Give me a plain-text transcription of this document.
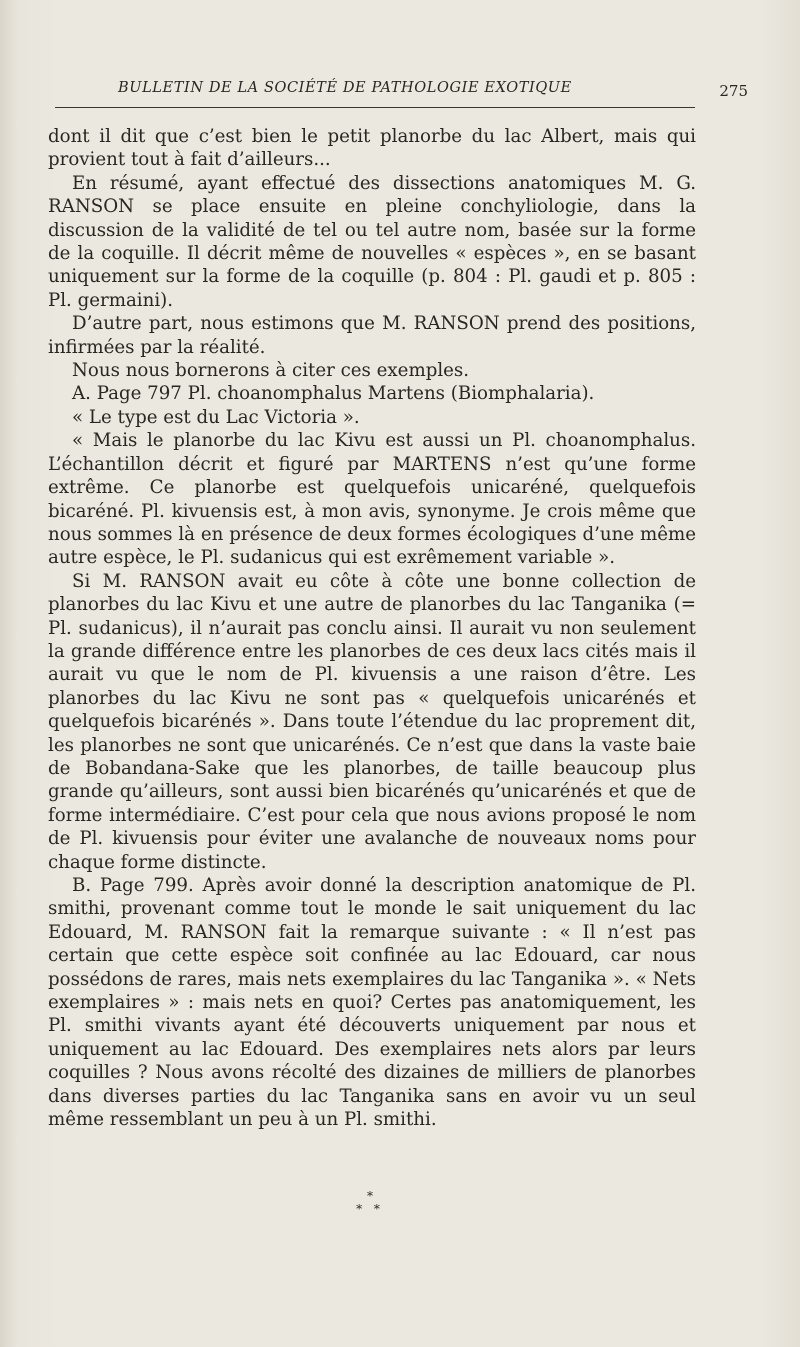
BULLETIN DE LA SOCIÉTÉ DE PATHOLOGIE EXOTIQUE	275

dont il dit que c’est bien le petit planorbe du lac Albert, mais qui provient tout à fait d’ailleurs...

En résumé, ayant effectué des dissections anatomiques M. G. RANSON se place ensuite en pleine conchyliologie, dans la discussion de la validité de tel ou tel autre nom, basée sur la forme de la coquille. Il décrit même de nouvelles « espèces », en se basant uniquement sur la forme de la coquille (p. 804 : Pl. gaudi et p. 805 : Pl. germaini).

D’autre part, nous estimons que M. RANSON prend des positions, infirmées par la réalité.

Nous nous bornerons à citer ces exemples.

A. Page 797 Pl. choanomphalus Martens (Biomphalaria).

« Le type est du Lac Victoria ».

« Mais le planorbe du lac Kivu est aussi un Pl. choanomphalus. L’échantillon décrit et figuré par MARTENS n’est qu’une forme extrême. Ce planorbe est quelquefois unicaréné, quelquefois bicaréné. Pl. kivuensis est, à mon avis, synonyme. Je crois même que nous sommes là en présence de deux formes écologiques d’une même autre espèce, le Pl. sudanicus qui est exrêmement variable ».

Si M. RANSON avait eu côte à côte une bonne collection de planorbes du lac Kivu et une autre de planorbes du lac Tanganika (= Pl. sudanicus), il n’aurait pas conclu ainsi. Il aurait vu non seulement la grande différence entre les planorbes de ces deux lacs cités mais il aurait vu que le nom de Pl. kivuensis a une raison d’être. Les planorbes du lac Kivu ne sont pas « quelquefois unicarénés et quelquefois bicarénés ». Dans toute l’étendue du lac proprement dit, les planorbes ne sont que unicarénés. Ce n’est que dans la vaste baie de Bobandana-Sake que les planorbes, de taille beaucoup plus grande qu’ailleurs, sont aussi bien bicarénés qu’unicarénés et que de forme intermédiaire. C’est pour cela que nous avions proposé le nom de Pl. kivuensis pour éviter une avalanche de nouveaux noms pour chaque forme distincte.

B. Page 799. Après avoir donné la description anatomique de Pl. smithi, provenant comme tout le monde le sait uniquement du lac Edouard, M. RANSON fait la remarque suivante : « Il n’est pas certain que cette espèce soit confinée au lac Edouard, car nous possédons de rares, mais nets exemplaires du lac Tanganika ». « Nets exemplaires » : mais nets en quoi? Certes pas anatomiquement, les Pl. smithi vivants ayant été découverts uniquement par nous et uniquement au lac Edouard. Des exemplaires nets alors par leurs coquilles ? Nous avons récolté des dizaines de milliers de planorbes dans diverses parties du lac Tanganika sans en avoir vu un seul même ressemblant un peu à un Pl. smithi.

*
* *
